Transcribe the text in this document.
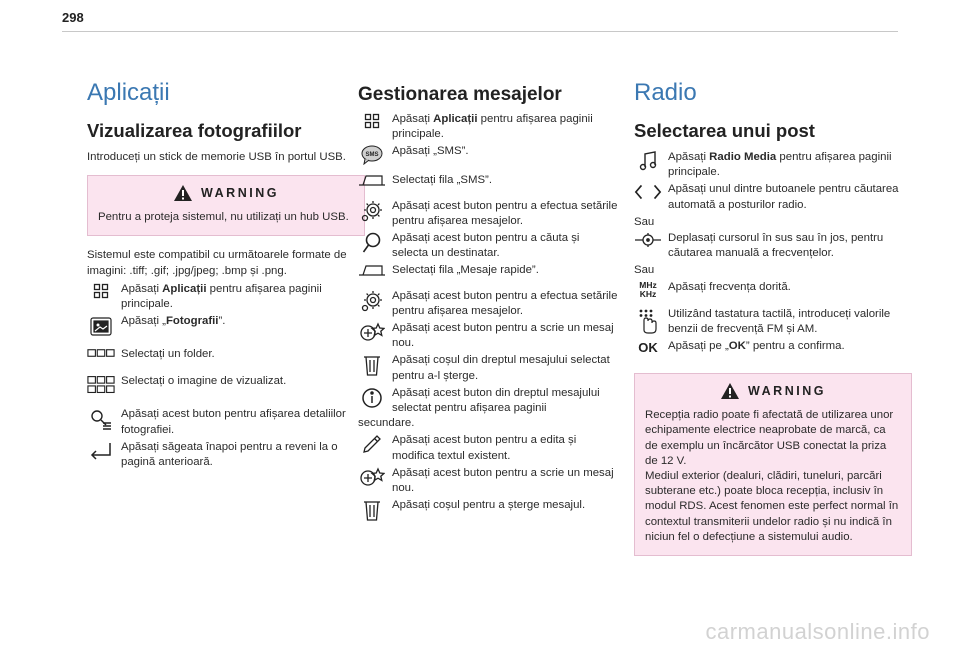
298
Aplicații
Vizualizarea fotografiilor
Introduceți un stick de memorie USB în portul USB.
WARNING
Pentru a proteja sistemul, nu utilizați un hub USB.
Sistemul este compatibil cu următoarele formate de imagini: .tiff; .gif; .jpg/jpeg; .bmp și .png.
Apăsați Aplicații pentru afișarea paginii principale.
Apăsați „Fotografii”.
Selectați un folder.
Selectați o imagine de vizualizat.
Apăsați acest buton pentru afișarea detaliilor fotografiei.
Apăsați săgeata înapoi pentru a reveni la o pagină anterioară.
Gestionarea mesajelor
Apăsați Aplicații pentru afișarea paginii principale.
SMS	Apăsați „SMS”.
Selectați fila „SMS”.
Apăsați acest buton pentru a efectua setările pentru afișarea mesajelor.
Apăsați acest buton pentru a căuta și selecta un destinatar.
Selectați fila „Mesaje rapide”.
Apăsați acest buton pentru a efectua setările pentru afișarea mesajelor.
Apăsați acest buton pentru a scrie un mesaj nou.
Apăsați coșul din dreptul mesajului selectat pentru a-l șterge.
Apăsați acest buton din dreptul mesajului selectat pentru afișarea paginii
secundare.
Apăsați acest buton pentru a edita și modifica textul existent.
Apăsați acest buton pentru a scrie un mesaj nou.
Apăsați coșul pentru a șterge mesajul.
Radio
Selectarea unui post
Apăsați Radio Media pentru afișarea paginii principale.
Apăsați unul dintre butoanele pentru căutarea automată a posturilor radio.
Sau
Deplasați cursorul în sus sau în jos, pentru căutarea manuală a frecvențelor.
Sau
MHz
KHz
Apăsați frecvența dorită.
Utilizând tastatura tactilă, introduceți valorile benzii de frecvență FM și AM.
OK Apăsați pe „OK” pentru a confirma.
WARNING
Recepția radio poate fi afectată de utilizarea unor echipamente electrice neaprobate de marcă, ca de exemplu un încărcător USB conectat la priza de 12 V.
Mediul exterior (dealuri, clădiri, tuneluri, parcări subterane etc.) poate bloca recepția, inclusiv în modul RDS. Acest fenomen este perfect normal în contextul transmiterii undelor radio și nu indică în niciun fel o defecțiune a sistemului audio.
carmanualsonline.info
